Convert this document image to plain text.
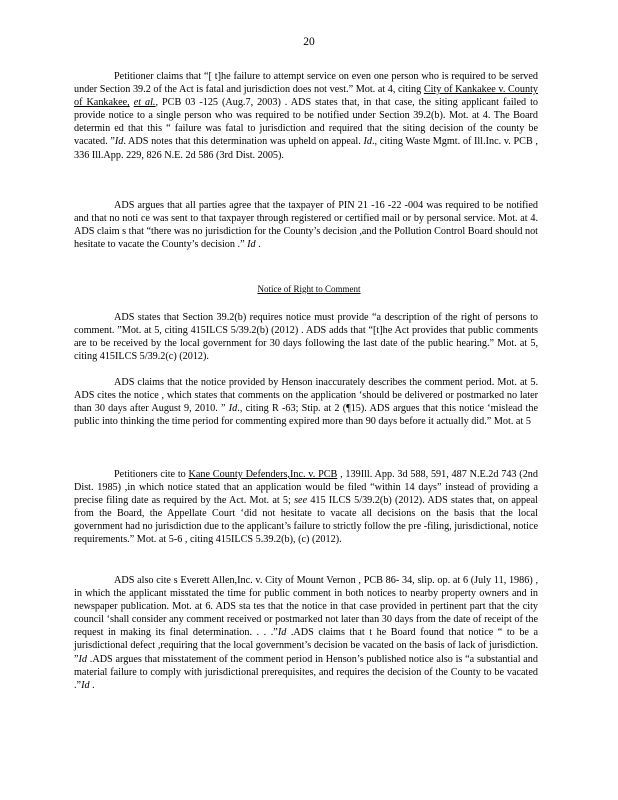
20
Petitioner claims that “[ t]he failure to attempt service on even one person who is required to be served under Section 39.2 of the Act is fatal and jurisdiction does not vest.” Mot. at 4, citing City of Kankakee v. County of Kankakee, et al., PCB 03 -125 (Aug.7, 2003) . ADS states that, in that case, the siting applicant failed to provide notice to a single person who was required to be notified under Section 39.2(b). Mot. at 4. The Board determin ed that this “ failure was fatal to jurisdiction and required that the siting decision of the county be vacated. ”Id. ADS notes that this determination was upheld on appeal. Id., citing Waste Mgmt. of Ill.Inc. v. PCB , 336 Ill.App. 229, 826 N.E. 2d 586 (3rd Dist. 2005).
ADS argues that all parties agree that the taxpayer of PIN 21 -16 -22 -004 was required to be notified and that no noti ce was sent to that taxpayer through registered or certified mail or by personal service. Mot. at 4. ADS claim s that “there was no jurisdiction for the County’s decision ,and the Pollution Control Board should not hesitate to vacate the County’s decision .” Id .
Notice of Right to Comment
ADS states that Section 39.2(b) requires notice must provide “a description of the right of persons to comment. ”Mot. at 5, citing 415ILCS 5/39.2(b) (2012) . ADS adds that “[t]he Act provides that public comments are to be received by the local government for 30 days following the last date of the public hearing.” Mot. at 5, citing 415ILCS 5/39.2(c) (2012).
ADS claims that the notice provided by Henson inaccurately describes the comment period. Mot. at 5. ADS cites the notice , which states that comments on the application ‘should be delivered or postmarked no later than 30 days after August 9, 2010. ” Id., citing R -63; Stip. at 2 (¶15). ADS argues that this notice ‘mislead the public into thinking the time period for commenting expired more than 90 days before it actually did.” Mot. at 5
Petitioners cite to Kane County Defenders,Inc. v. PCB , 139Ill. App. 3d 588, 591, 487 N.E.2d 743 (2nd Dist. 1985) ,in which notice stated that an application would be filed “within 14 days” instead of providing a precise filing date as required by the Act. Mot. at 5; see 415 ILCS 5/39.2(b) (2012). ADS states that, on appeal from the Board, the Appellate Court ‘did not hesitate to vacate all decisions on the basis that the local government had no jurisdiction due to the applicant’s failure to strictly follow the pre -filing, jurisdictional, notice requirements.” Mot. at 5-6 , citing 415ILCS 5.39.2(b), (c) (2012).
ADS also cite s Everett Allen,Inc. v. City of Mount Vernon , PCB 86- 34, slip. op. at 6 (July 11, 1986) , in which the applicant misstated the time for public comment in both notices to nearby property owners and in newspaper publication. Mot. at 6. ADS sta tes that the notice in that case provided in pertinent part that the city council ‘shall consider any comment received or postmarked not later than 30 days from the date of receipt of the request in making its final determination. . . .”Id .ADS claims that t he Board found that notice “ to be a jurisdictional defect ,requiring that the local government’s decision be vacated on the basis of lack of jurisdiction. ”Id .ADS argues that misstatement of the comment period in Henson’s published notice also is “a substantial and material failure to comply with jurisdictional prerequisites, and requires the decision of the County to be vacated .”Id .
